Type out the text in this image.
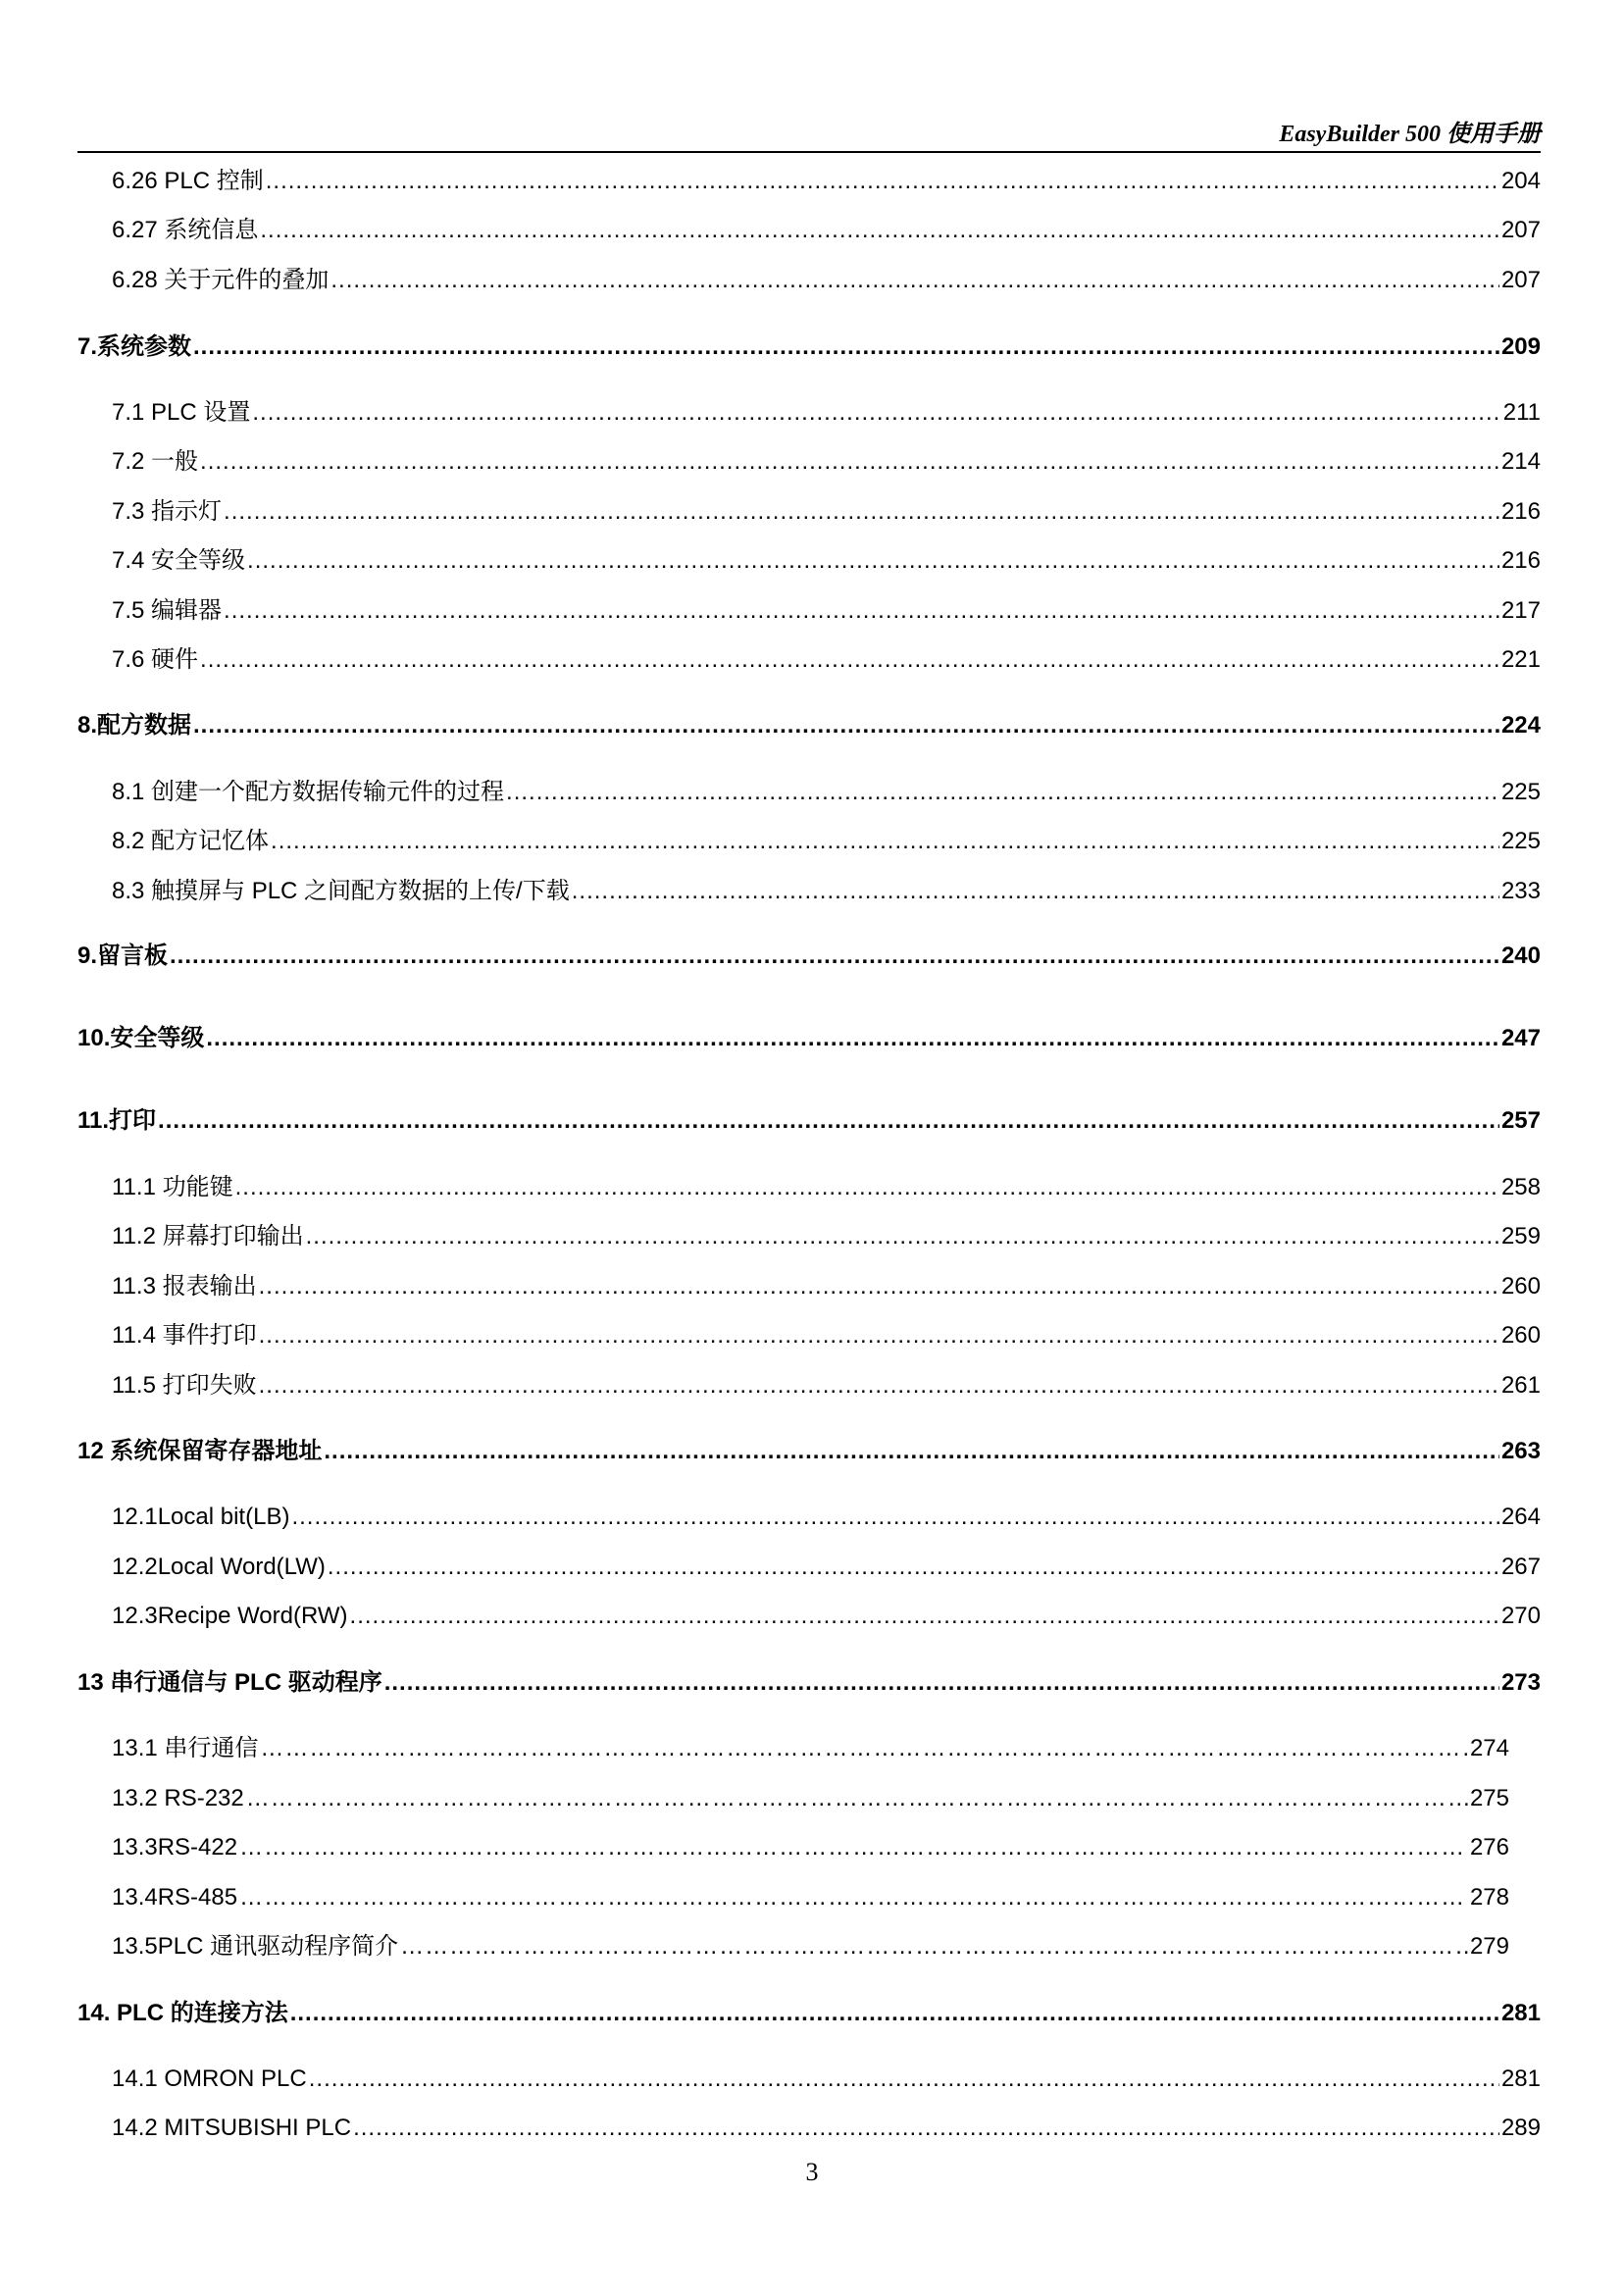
EasyBuilder 500 使用手册
6.26 PLC 控制 .....	204
6.27 系统信息 .....	207
6.28 关于元件的叠加 .....	207
7.系统参数 .....	209
7.1 PLC 设置 .....	211
7.2 一般 .....	214
7.3 指示灯 .....	216
7.4 安全等级 .....	216
7.5 编辑器 .....	217
7.6 硬件 .....	221
8.配方数据 .....	224
8.1 创建一个配方数据传输元件的过程 .....	225
8.2 配方记忆体 .....	225
8.3 触摸屏与 PLC 之间配方数据的上传/下载 .....	233
9.留言板 .....	240
10.安全等级 .....	247
11.打印 .....	257
11.1 功能键 .....	258
11.2 屏幕打印输出 .....	259
11.3 报表输出 .....	260
11.4 事件打印 .....	260
11.5 打印失败 .....	261
12 系统保留寄存器地址 .....	263
12.1Local bit(LB) .....	264
12.2Local Word(LW) .....	267
12.3Recipe Word(RW) .....	270
13 串行通信与 PLC 驱动程序 .....	273
13.1 串行通信 …………………………………………………………………………………………………………………………………………………………………………………………………………………………	274
13.2 RS-232 …………………………………………………………………………………………………………………………………………………………………………………………………………………………	275
13.3RS-422 …………………………………………………………………………………………………………………………………………………………………………………………………………………………	276
13.4RS-485 …………………………………………………………………………………………………………………………………………………………………………………………………………………………	278
13.5PLC 通讯驱动程序简介 …………………………………………………………………………………………………………………………………………………………………………………………………………………………	279
14. PLC 的连接方法 .....	281
14.1 OMRON PLC .....	281
14.2 MITSUBISHI PLC .....	289
3
